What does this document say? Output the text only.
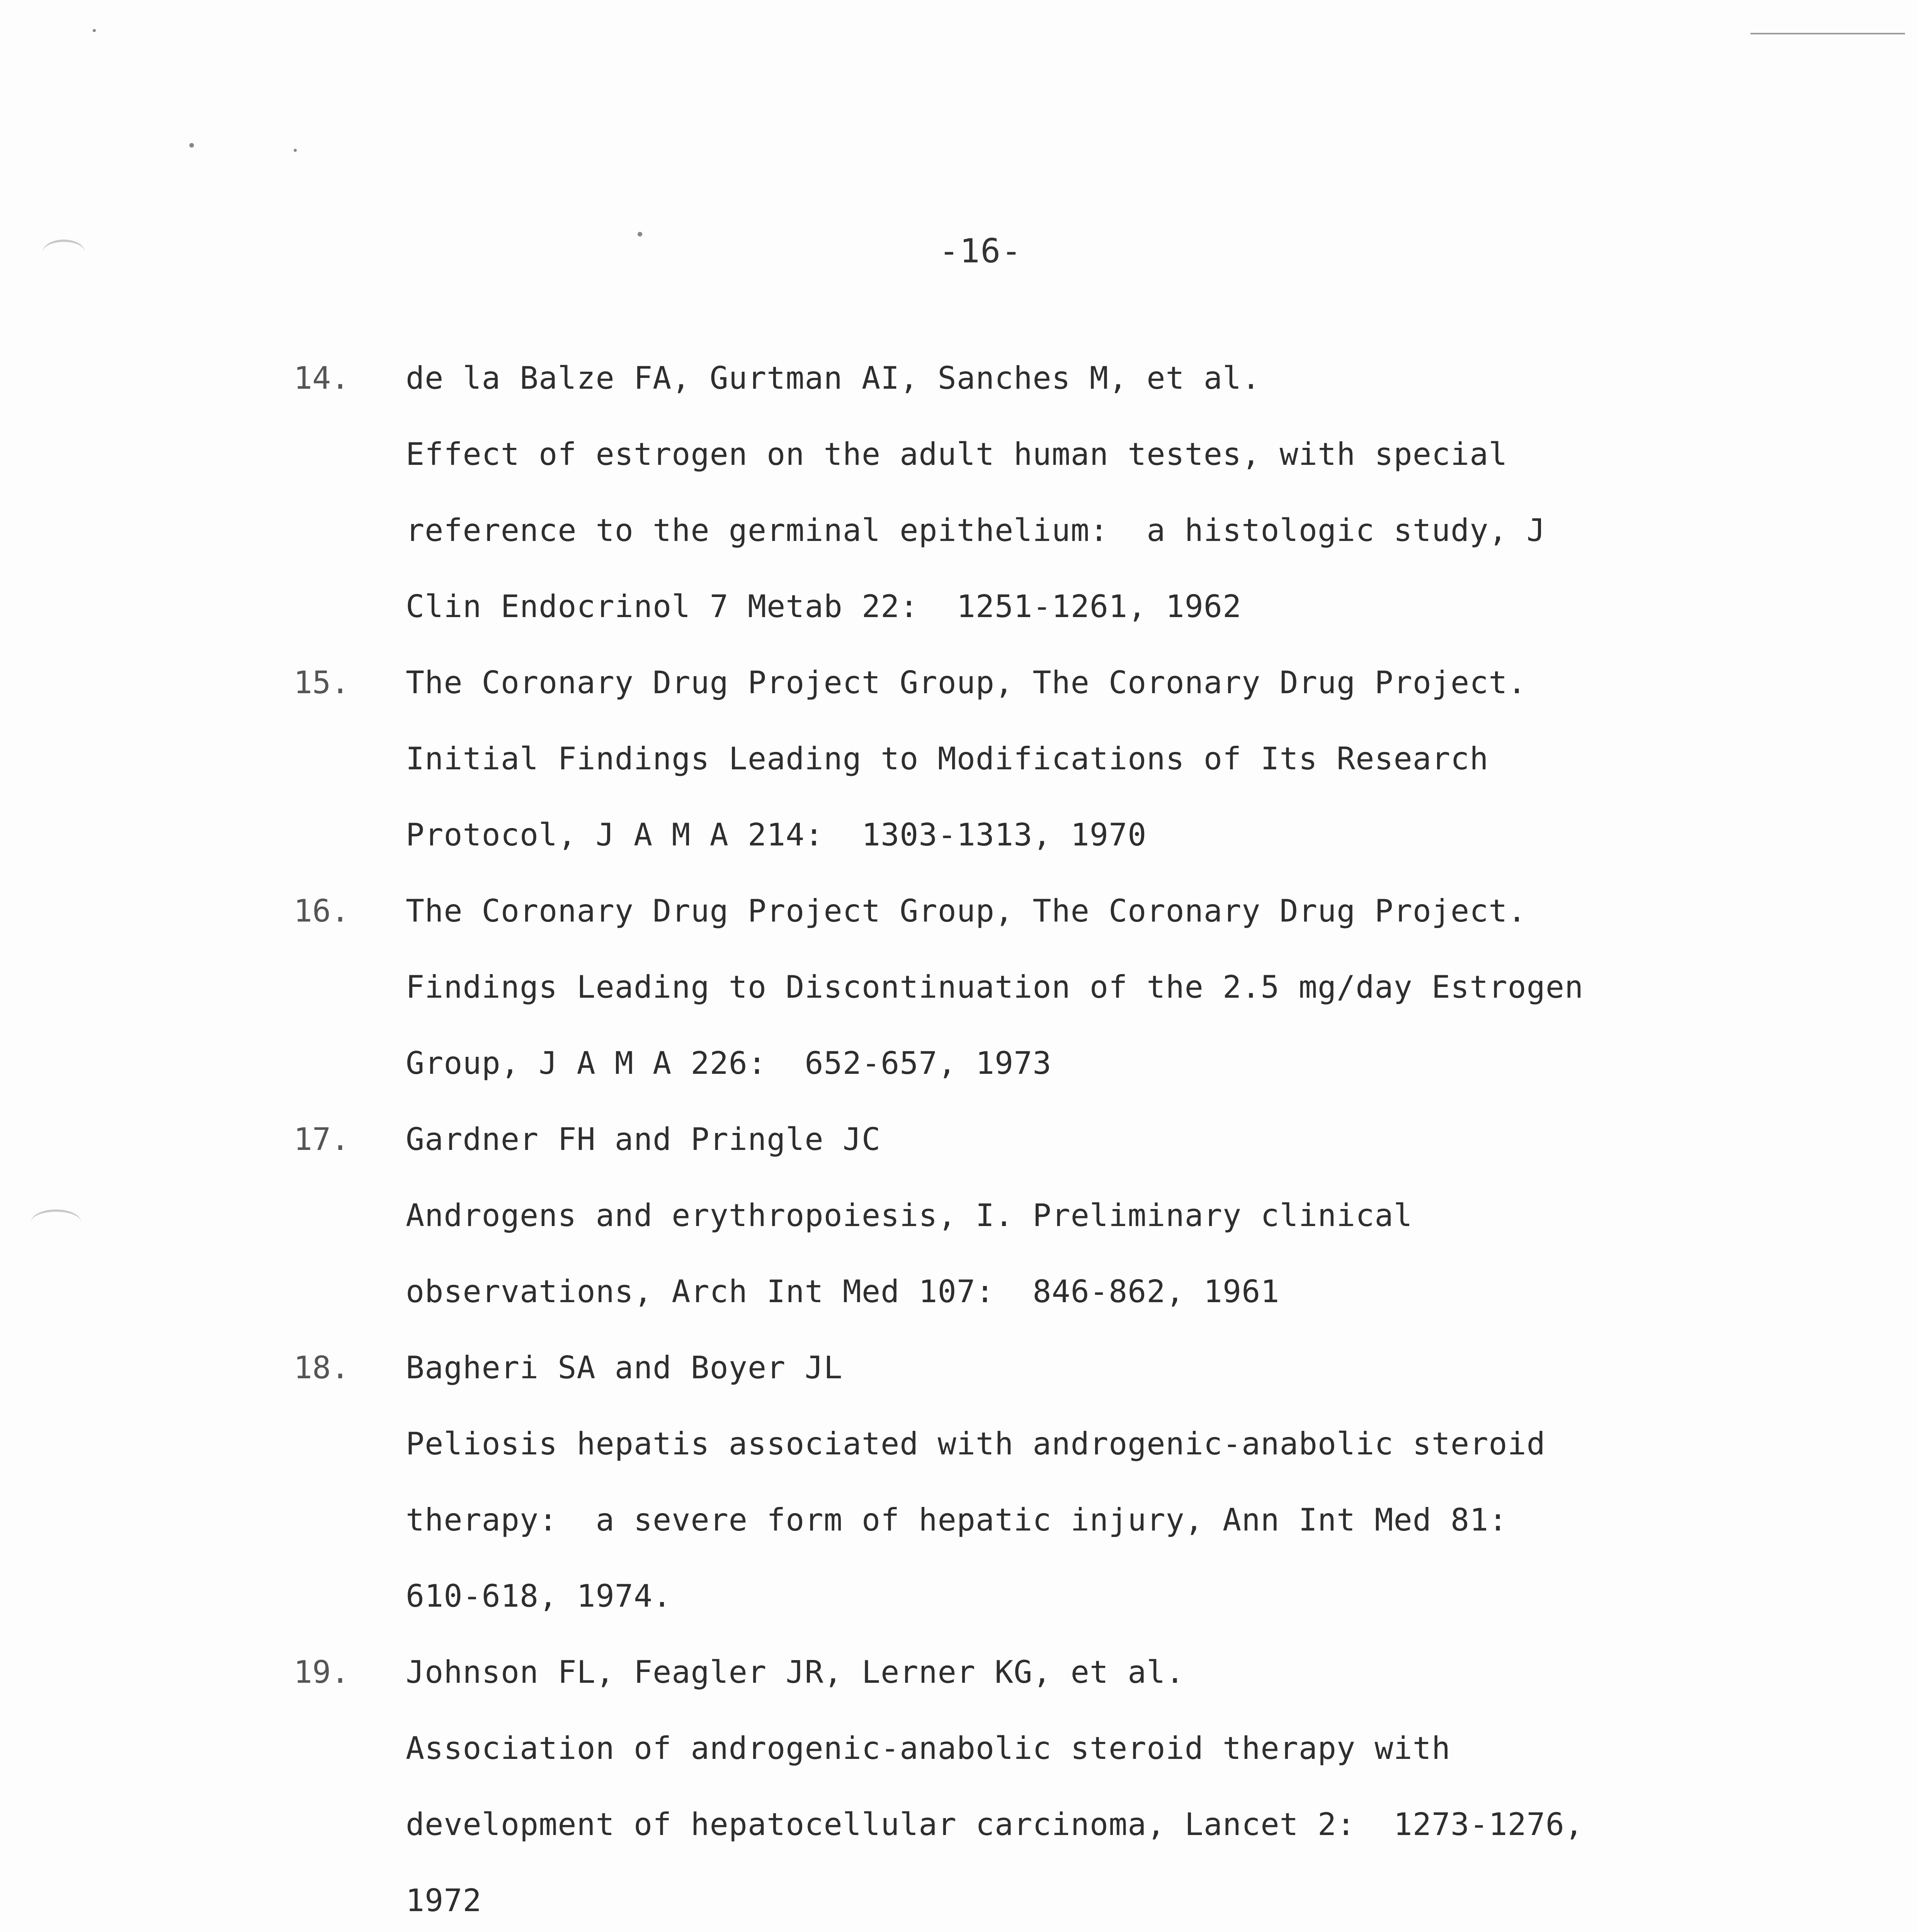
-16-
14.	de la Balze FA, Gurtman AI, Sanches M, et al.
Effect of estrogen on the adult human testes, with special
reference to the germinal epithelium:  a histologic study, J
Clin Endocrinol 7 Metab 22:  1251-1261, 1962
15.	The Coronary Drug Project Group, The Coronary Drug Project.
Initial Findings Leading to Modifications of Its Research
Protocol, J A M A 214:  1303-1313, 1970
16.	The Coronary Drug Project Group, The Coronary Drug Project.
Findings Leading to Discontinuation of the 2.5 mg/day Estrogen
Group, J A M A 226:  652-657, 1973
17.	Gardner FH and Pringle JC
Androgens and erythropoiesis, I. Preliminary clinical
observations, Arch Int Med 107:  846-862, 1961
18.	Bagheri SA and Boyer JL
Peliosis hepatis associated with androgenic-anabolic steroid
therapy:  a severe form of hepatic injury, Ann Int Med 81:
610-618, 1974.
19.	Johnson FL, Feagler JR, Lerner KG, et al.
Association of androgenic-anabolic steroid therapy with
development of hepatocellular carcinoma, Lancet 2:  1273-1276,
1972
